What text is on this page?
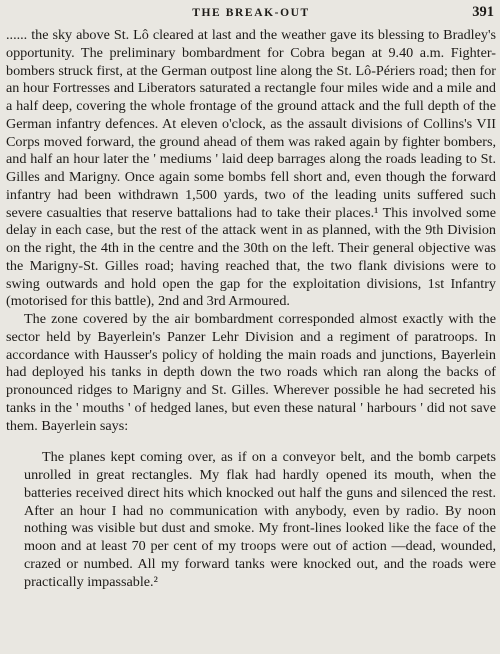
THE BREAK-OUT	391

...... the sky above St. Lô cleared at last and the weather gave its blessing to Bradley's opportunity. The preliminary bombardment for Cobra began at 9.40 a.m. Fighter-bombers struck first, at the German outpost line along the St. Lô-Périers road; then for an hour Fortresses and Liberators saturated a rectangle four miles wide and a mile and a half deep, covering the whole frontage of the ground attack and the full depth of the German infantry defences. At eleven o'clock, as the assault divisions of Collins's VII Corps moved forward, the ground ahead of them was raked again by fighter bombers, and half an hour later the ' mediums ' laid deep barrages along the roads leading to St. Gilles and Marigny. Once again some bombs fell short and, even though the forward infantry had been withdrawn 1,500 yards, two of the leading units suffered such severe casualties that reserve battalions had to take their places.¹ This involved some delay in each case, but the rest of the attack went in as planned, with the 9th Division on the right, the 4th in the centre and the 30th on the left. Their general objective was the Marigny-St. Gilles road; having reached that, the two flank divisions were to swing outwards and hold open the gap for the exploitation divisions, 1st Infantry (motorised for this battle), 2nd and 3rd Armoured.

The zone covered by the air bombardment corresponded almost exactly with the sector held by Bayerlein's Panzer Lehr Division and a regiment of paratroops. In accordance with Hausser's policy of holding the main roads and junctions, Bayerlein had deployed his tanks in depth down the two roads which ran along the backs of pronounced ridges to Marigny and St. Gilles. Wherever possible he had secreted his tanks in the ' mouths ' of hedged lanes, but even these natural ' harbours ' did not save them. Bayerlein says:

The planes kept coming over, as if on a conveyor belt, and the bomb carpets unrolled in great rectangles. My flak had hardly opened its mouth, when the batteries received direct hits which knocked out half the guns and silenced the rest. After an hour I had no communication with anybody, even by radio. By noon nothing was visible but dust and smoke. My front-lines looked like the face of the moon and at least 70 per cent of my troops were out of action —dead, wounded, crazed or numbed. All my forward tanks were knocked out, and the roads were practically impassable.²
